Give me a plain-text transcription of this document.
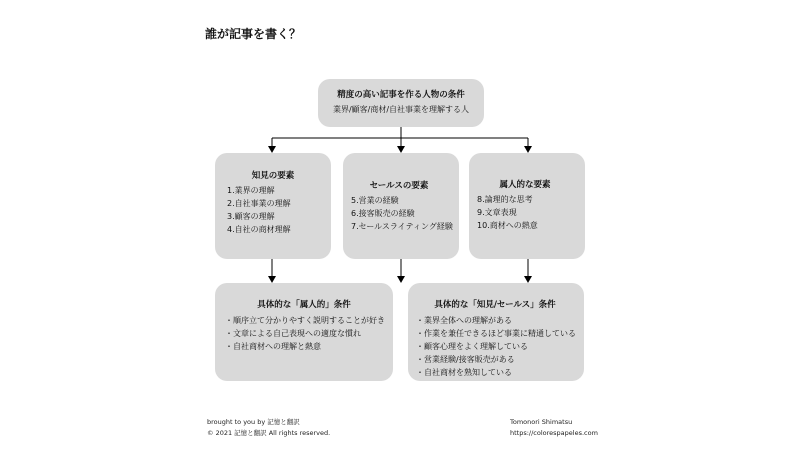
誰が記事を書く？
精度の高い記事を作る人物の条件
業界/顧客/商材/自社事業を理解する人
知見の要素
1.業界の理解
2.自社事業の理解
3.顧客の理解
4.自社の商材理解
セールスの要素
5.営業の経験
6.接客販売の経験
7.セールスライティング経験
属人的な要素
8.論理的な思考
9.文章表現
10.商材への熱意
具体的な「属人的」条件
・順序立て分かりやすく説明することが好き
・文章による自己表現への適度な慣れ
・自社商材への理解と熱意
具体的な「知見/セールス」条件
・業界全体への理解がある
・作業を兼任できるほど事業に精通している
・顧客心理をよく理解している
・営業経験/接客販売がある
・自社商材を熟知している
brought to you by 記憶と翻訳
© 2021 記憶と翻訳 All rights reserved.
Tomonori Shimatsu
https://colorespapeles.com
